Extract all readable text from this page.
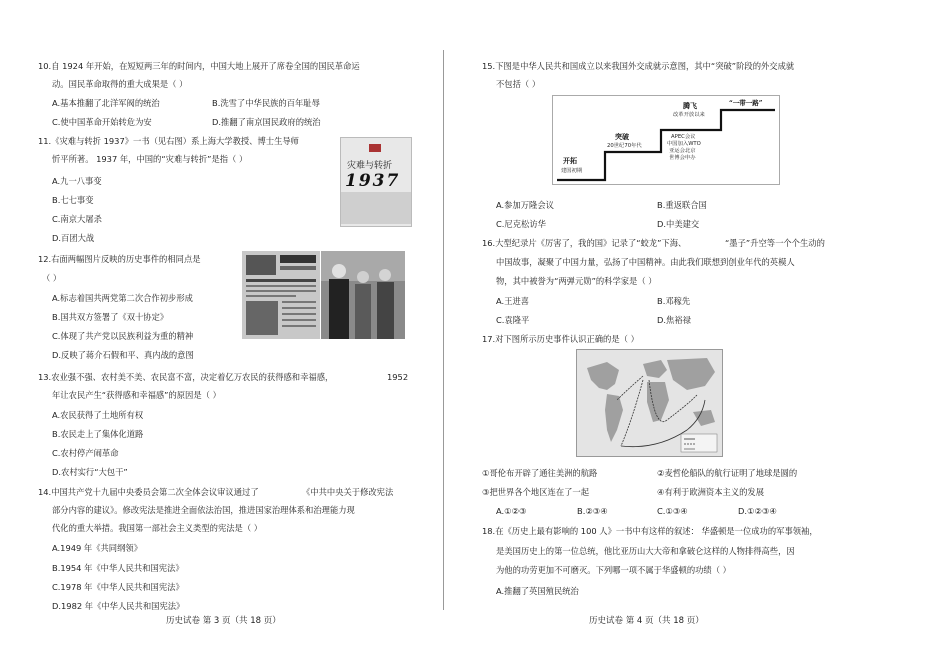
10.自 1924 年开始，在短短两三年的时间内，中国大地上展开了席卷全国的国民革命运
动。国民革命取得的重大成果是（ ）
A.基本推翻了北洋军阀的统治	B.洗雪了中华民族的百年耻辱
C.使中国革命开始转危为安	D.推翻了南京国民政府的统治
11.《灾难与转折 1937》一书（见右图）系上海大学教授、博士生导师
忻平所著。 1937 年，中国的“灾难与转折”是指（ ）
A.九一八事变
B.七七事变
C.南京大屠杀
D.百团大战
灾难与转折
1937
12.右面两幅图片反映的历史事件的相同点是
（ ）
A.标志着国共两党第二次合作初步形成
B.国共双方签署了《双十协定》
C.体现了共产党以民族利益为重的精神
D.反映了蒋介石假和平、真内战的意图
13.农业强不强、农村美不美、农民富不富，决定着亿万农民的获得感和幸福感，	1952
年让农民产生“获得感和幸福感”的原因是（ ）
A.农民获得了土地所有权
B.农民走上了集体化道路
C.农村停产闹革命
D.农村实行“大包干”
14.中国共产党十九届中央委员会第二次全体会议审议通过了	《中共中央关于修改宪法
部分内容的建议》。修改宪法是推进全面依法治国，推进国家治理体系和治理能力现
代化的重大举措。我国第一部社会主义类型的宪法是（ ）
A.1949 年《共同纲领》
B.1954 年《中华人民共和国宪法》
C.1978 年《中华人民共和国宪法》
D.1982 年《中华人民共和国宪法》
历史试卷 第 3 页（共 18 页）
15.下图是中华人民共和国成立以来我国外交成就示意图，其中“突破”阶段的外交成就
不包括（ ）
开拓
建国初期
突破
20世纪70年代
腾飞
改革开放以来
APEC会议
中国加入WTO
亚运会北京
世博会申办
“一带一路”
A.参加万隆会议	B.重返联合国
C.尼克松访华	D.中美建交
16.大型纪录片《厉害了，我的国》记录了“蛟龙”下海、	“墨子”升空等一个个生动的
中国故事，凝聚了中国力量，弘扬了中国精神。由此我们联想到创业年代的英模人
物，其中被誉为“两弹元勋”的科学家是（ ）
A.王进喜	B.邓稼先
C.袁隆平	D.焦裕禄
17.对下图所示历史事件认识正确的是（ ）
①哥伦布开辟了通往美洲的航路	②麦哲伦船队的航行证明了地球是圆的
③把世界各个地区连在了一起	④有利于欧洲资本主义的发展
A.①②③	B.②③④	C.①③④	D.①②③④
18.在《历史上最有影响的 100 人》一书中有这样的叙述： 华盛顿是一位成功的军事领袖，
是美国历史上的第一位总统，他比亚历山大大帝和拿破仑这样的人物排得高些，因
为他的功劳更加不可磨灭。下列哪一项不属于华盛顿的功绩（ ）
A.推翻了英国殖民统治
历史试卷 第 4 页（共 18 页）
